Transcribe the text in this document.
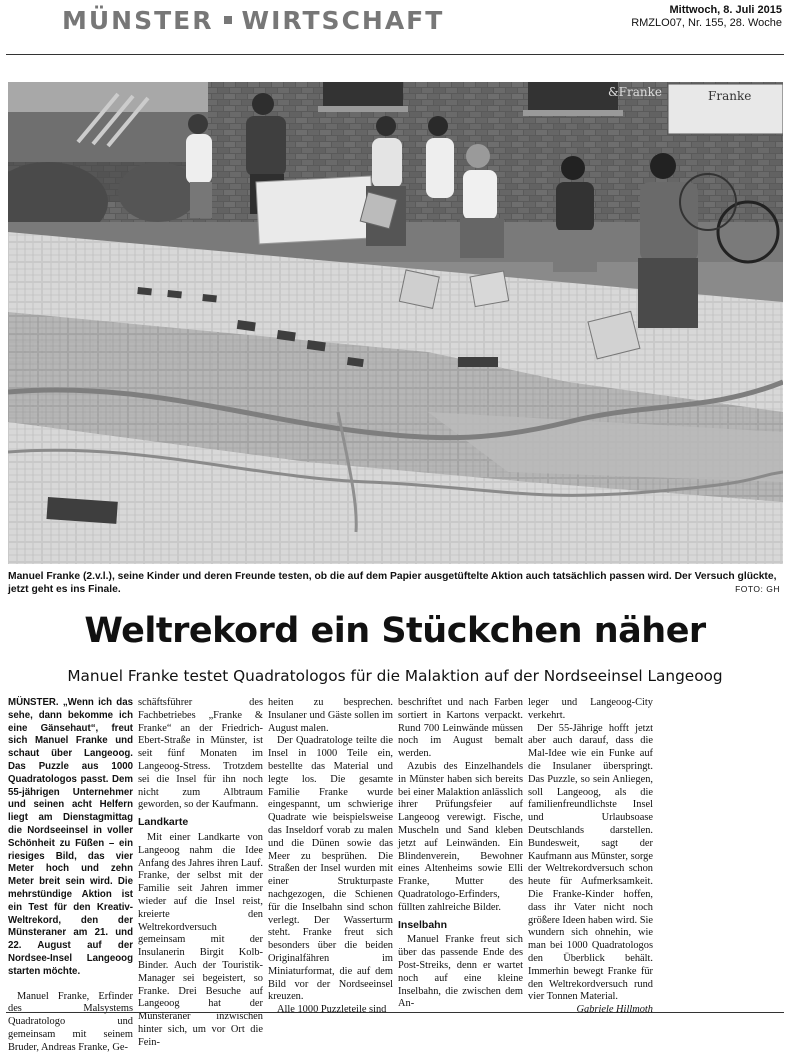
MÜNSTER WIRTSCHAFT	Mittwoch, 8. Juli 2015
RMZLO07, Nr. 155, 28. Woche
Franke
&Franke
Manuel Franke (2.v.l.), seine Kinder und deren Freunde testen, ob die auf dem Papier ausgetüftelte Aktion auch tatsächlich passen wird. Der Versuch glückte, jetzt geht es ins Finale.	FOTO: GH
Weltrekord ein Stückchen näher
Manuel Franke testet Quadratologos für die Malaktion auf der Nordseeinsel Langeoog

MÜNSTER. „Wenn ich das sehe, dann bekomme ich eine Gänsehaut“, freut sich Manuel Franke und schaut über Langeoog. Das Puzzle aus 1000 Quadratologos passt. Dem 55-jährigen Unternehmer und seinen acht Helfern liegt am Dienstagmittag die Nordseeinsel in voller Schönheit zu Füßen – ein riesiges Bild, das vier Meter hoch und zehn Meter breit sein wird. Die mehrstündige Aktion ist ein Test für den Kreativ-Weltrekord, den der Münsteraner am 21. und 22. August auf der Nordsee-Insel Langeoog starten möchte.

Manuel Franke, Erfinder des Malsystems Quadratologo und gemeinsam mit seinem Bruder, Andreas Franke, Ge-

schäftsführer des Fachbetriebes „Franke & Franke“ an der Friedrich-Ebert-Straße in Münster, ist seit fünf Monaten im Langeoog-Stress. Trotzdem sei die Insel für ihn noch nicht zum Albtraum geworden, so der Kaufmann.

Landkarte

Mit einer Landkarte von Langeoog nahm die Idee Anfang des Jahres ihren Lauf. Franke, der selbst mit der Familie seit Jahren immer wieder auf die Insel reist, kreierte den Weltrekordversuch gemeinsam mit der Insulanerin Birgit Kolb-Binder. Auch der Touristik-Manager sei begeistert, so Franke. Drei Besuche auf Langeoog hat der Münsteraner inzwischen hinter sich, um vor Ort die Fein-

heiten zu besprechen. Insulaner und Gäste sollen im August malen.

Der Quadratologe teilte die Insel in 1000 Teile ein, bestellte das Material und legte los. Die gesamte Familie Franke wurde eingespannt, um schwierige Quadrate wie beispielsweise das Inseldorf vorab zu malen und die Dünen sowie das Meer zu besprühen. Die Straßen der Insel wurden mit einer Strukturpaste nachgezogen, die Schienen für die Inselbahn sind schon verlegt. Der Wasserturm steht. Franke freut sich besonders über die beiden Originalfähren im Miniaturformat, die auf dem Bild vor der Nordseeinsel kreuzen.

Alle 1000 Puzzleteile sind

beschriftet und nach Farben sortiert in Kartons verpackt. Rund 700 Leinwände müssen noch im August bemalt werden.

Azubis des Einzelhandels in Münster haben sich bereits bei einer Malaktion anlässlich ihrer Prüfungsfeier auf Langeoog verewigt. Fische, Muscheln und Sand kleben jetzt auf Leinwänden. Ein Blindenverein, Bewohner eines Altenheims sowie Elli Franke, Mutter des Quadratologo-Erfinders, füllten zahlreiche Bilder.

Inselbahn

Manuel Franke freut sich über das passende Ende des Post-Streiks, denn er wartet noch auf eine kleine Inselbahn, die zwischen dem An-

leger und Langeoog-City verkehrt.

Der 55-Jährige hofft jetzt aber auch darauf, dass die Mal-Idee wie ein Funke auf die Insulaner überspringt. Das Puzzle, so sein Anliegen, soll Langeoog, als die familienfreundlichste Insel und Urlaubsoase Deutschlands darstellen. Bundesweit, sagt der Kaufmann aus Münster, sorge der Weltrekordversuch schon heute für Aufmerksamkeit. Die Franke-Kinder hoffen, dass ihr Vater nicht noch größere Ideen haben wird. Sie wundern sich ohnehin, wie man bei 1000 Quadratologos den Überblick behält. Immerhin bewegt Franke für den Weltrekordversuch rund vier Tonnen Material.

Gabriele Hillmoth
